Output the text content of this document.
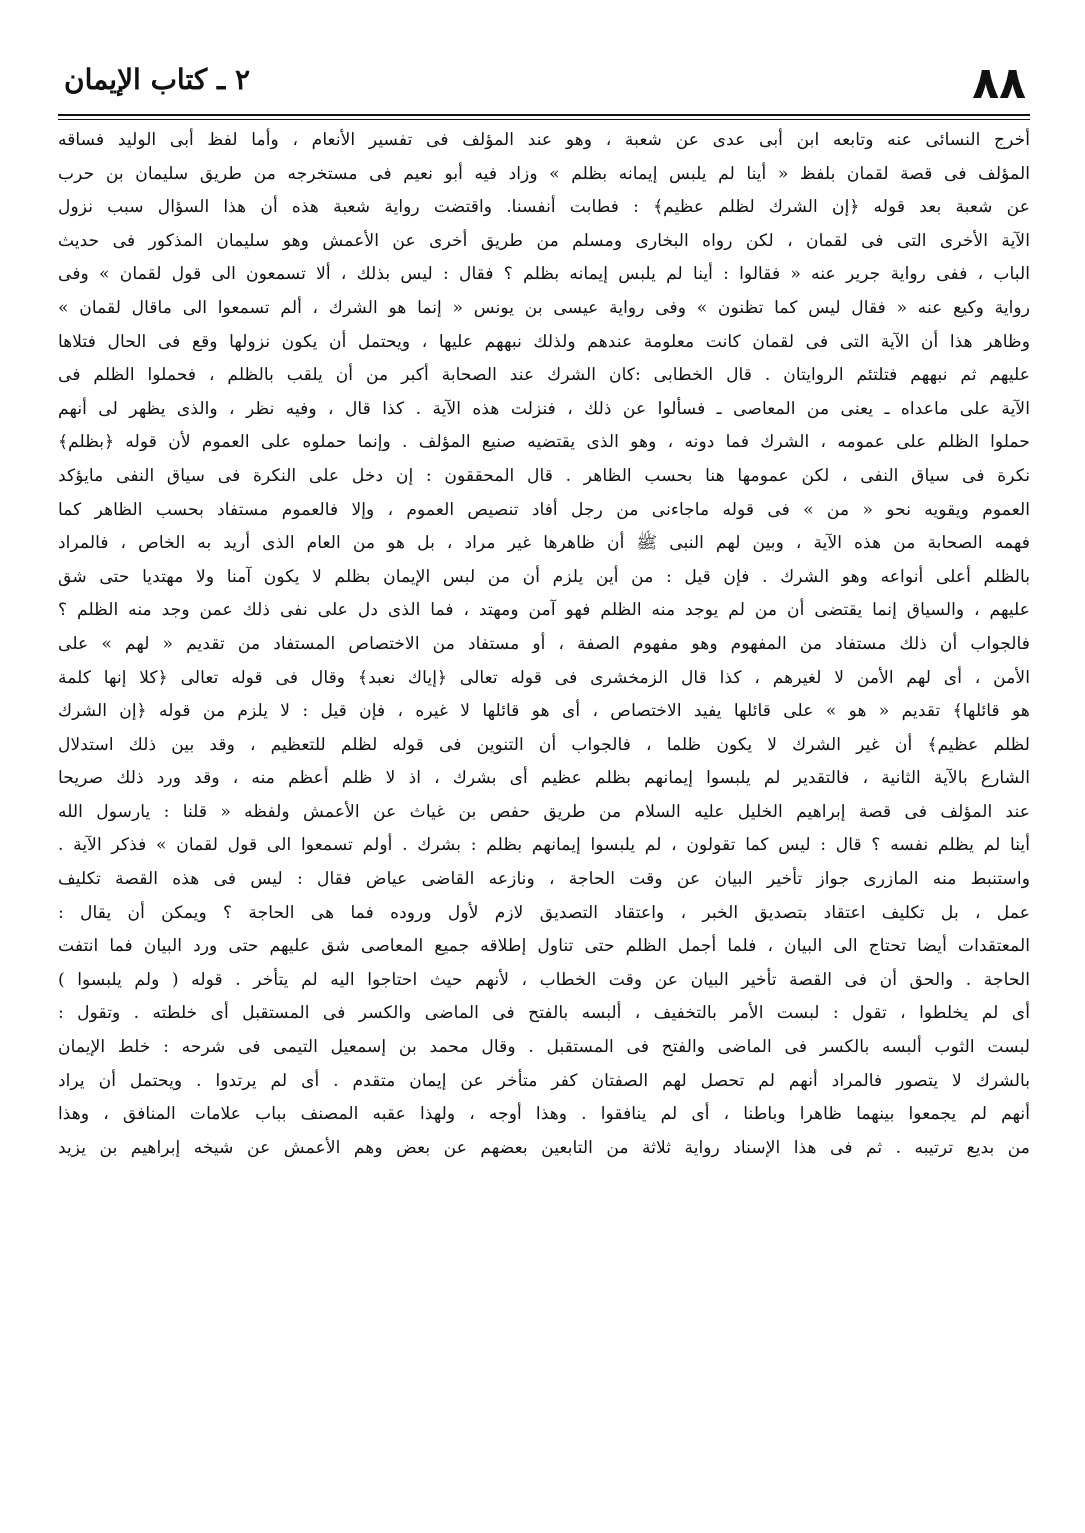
٨٨
٢ ـ كتاب الإيمان
أخرج النسائى عنه وتابعه ابن أبى عدى عن شعبة ، وهو عند المؤلف فى تفسير الأنعام ، وأما لفظ أبى الوليد فساقه
المؤلف فى قصة لقمان بلفظ « أينا لم يلبس إيمانه بظلم » وزاد فيه أبو نعيم فى مستخرجه من طريق سليمان بن حرب
عن شعبة بعد قوله ﴿إن الشرك لظلم عظيم﴾ : فطابت أنفسنا. واقتضت رواية شعبة هذه أن هذا السؤال سبب نزول
الآية الأخرى التى فى لقمان ، لكن رواه البخارى ومسلم من طريق أخرى عن الأعمش وهو سليمان المذكور فى حديث
الباب ، ففى رواية جرير عنه « فقالوا : أينا لم يلبس إيمانه بظلم ؟ فقال : ليس بذلك ، ألا تسمعون الى قول لقمان » وفى
رواية وكيع عنه « فقال ليس كما تظنون » وفى رواية عيسى بن يونس « إنما هو الشرك ، ألم تسمعوا الى ماقال لقمان »
وظاهر هذا أن الآية التى فى لقمان كانت معلومة عندهم ولذلك نبههم عليها ، ويحتمل أن يكون نزولها وقع فى الحال فتلاها
عليهم ثم نبههم فتلتئم الروايتان . قال الخطابى :كان الشرك عند الصحابة أكبر من أن يلقب بالظلم ، فحملوا الظلم فى
الآية على ماعداه ـ يعنى من المعاصى ـ فسألوا عن ذلك ، فنزلت هذه الآية . كذا قال ، وفيه نظر ، والذى يظهر لى أنهم
حملوا الظلم على عمومه ، الشرك فما دونه ، وهو الذى يقتضيه صنيع المؤلف . وإنما حملوه على العموم لأن قوله ﴿بظلم﴾
نكرة فى سياق النفى ، لكن عمومها هنا بحسب الظاهر . قال المحققون : إن دخل على النكرة فى سياق النفى مايؤكد
العموم ويقويه نحو « من » فى قوله ماجاءنى من رجل أفاد تنصيص العموم ، وإلا فالعموم مستفاد بحسب الظاهر كما
فهمه الصحابة من هذه الآية ، وبين لهم النبى ﷺ أن ظاهرها غير مراد ، بل هو من العام الذى أريد به الخاص ، فالمراد
بالظلم أعلى أنواعه وهو الشرك . فإن قيل : من أين يلزم أن من لبس الإيمان بظلم لا يكون آمنا ولا مهتديا حتى شق
عليهم ، والسياق إنما يقتضى أن من لم يوجد منه الظلم فهو آمن ومهتد ، فما الذى دل على نفى ذلك عمن وجد منه الظلم ؟
فالجواب أن ذلك مستفاد من المفهوم وهو مفهوم الصفة ، أو مستفاد من الاختصاص المستفاد من تقديم « لهم » على
الأمن ، أى لهم الأمن لا لغيرهم ، كذا قال الزمخشرى فى قوله تعالى ﴿إياك نعبد﴾ وقال فى قوله تعالى ﴿كلا إنها كلمة
هو قائلها﴾ تقديم « هو » على قائلها يفيد الاختصاص ، أى هو قائلها لا غيره ، فإن قيل : لا يلزم من قوله ﴿إن الشرك
لظلم عظيم﴾ أن غير الشرك لا يكون ظلما ، فالجواب أن التنوين فى قوله لظلم للتعظيم ، وقد بين ذلك استدلال
الشارع بالآية الثانية ، فالتقدير لم يلبسوا إيمانهم بظلم عظيم أى بشرك ، اذ لا ظلم أعظم منه ، وقد ورد ذلك صريحا
عند المؤلف فى قصة إبراهيم الخليل عليه السلام من طريق حفص بن غياث عن الأعمش ولفظه « قلنا : يارسول الله
أينا لم يظلم نفسه ؟ قال : ليس كما تقولون ، لم يلبسوا إيمانهم بظلم : بشرك . أولم تسمعوا الى قول لقمان » فذكر الآية .
واستنبط منه المازرى جواز تأخير البيان عن وقت الحاجة ، ونازعه القاضى عياض فقال : ليس فى هذه القصة تكليف
عمل ، بل تكليف اعتقاد بتصديق الخبر ، واعتقاد التصديق لازم لأول وروده فما هى الحاجة ؟ ويمكن أن يقال :
المعتقدات أيضا تحتاج الى البيان ، فلما أجمل الظلم حتى تناول إطلاقه جميع المعاصى شق عليهم حتى ورد البيان فما انتفت
الحاجة . والحق أن فى القصة تأخير البيان عن وقت الخطاب ، لأنهم حيث احتاجوا اليه لم يتأخر . قوله ( ولم يلبسوا )
أى لم يخلطوا ، تقول : لبست الأمر بالتخفيف ، ألبسه بالفتح فى الماضى والكسر فى المستقبل أى خلطته . وتقول :
لبست الثوب ألبسه بالكسر فى الماضى والفتح فى المستقبل . وقال محمد بن إسمعيل التيمى فى شرحه : خلط الإيمان
بالشرك لا يتصور فالمراد أنهم لم تحصل لهم الصفتان كفر متأخر عن إيمان متقدم . أى لم يرتدوا . ويحتمل أن يراد
أنهم لم يجمعوا بينهما ظاهرا وباطنا ، أى لم ينافقوا . وهذا أوجه ، ولهذا عقبه المصنف بباب علامات المنافق ، وهذا
من بديع ترتيبه . ثم فى هذا الإسناد رواية ثلاثة من التابعين بعضهم عن بعض وهم الأعمش عن شيخه إبراهيم بن يزيد
